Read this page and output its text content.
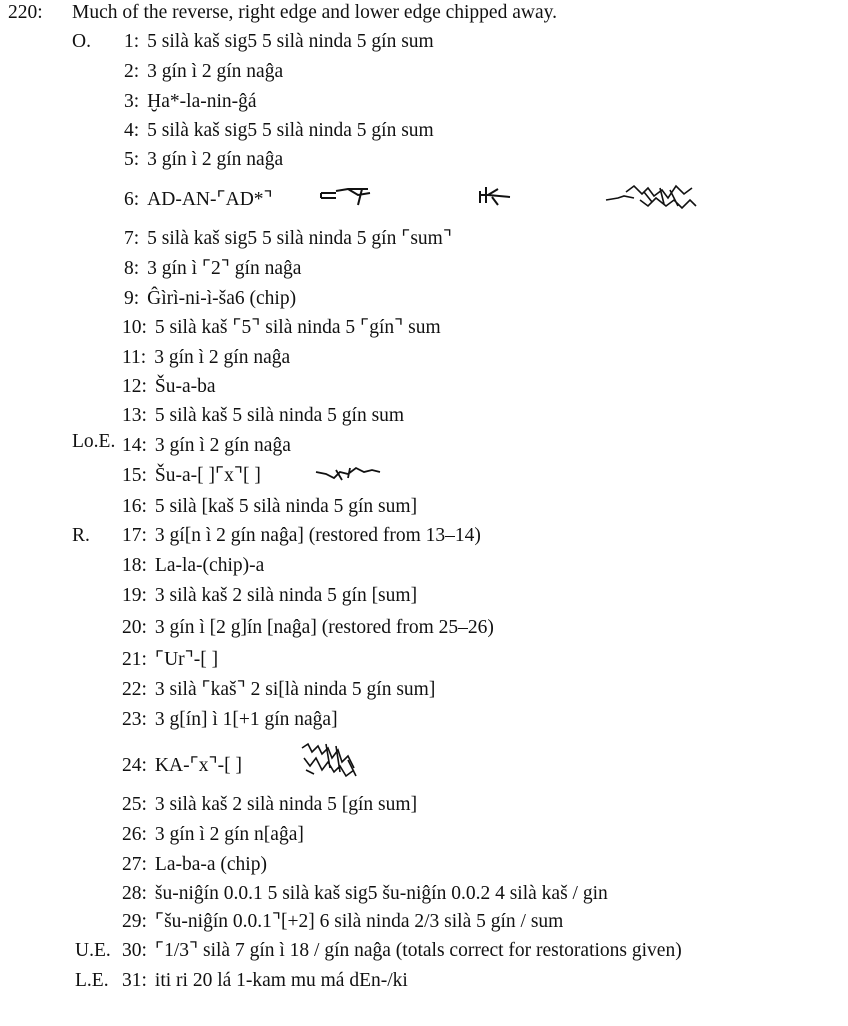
220: Much of the reverse, right edge and lower edge chipped away.
O.
Lo.E.
R.
U.E.
L.E.
1: 5 silà kaš sig5 5 silà ninda 5 gín sum
2: 3 gín ì 2 gín naĝa
3: Ḫa*-la-nin-ĝá
4: 5 silà kaš sig5 5 silà ninda 5 gín sum
5: 3 gín ì 2 gín naĝa
6: AD-AN-⌜AD*⌝
7: 5 silà kaš sig5 5 silà ninda 5 gín ⌜sum⌝
8: 3 gín ì ⌜2⌝ gín naĝa
9: Ĝìrì-ni-ì-ša6 (chip)
10: 5 silà kaš ⌜5⌝ silà ninda 5 ⌜gín⌝ sum
11: 3 gín ì 2 gín naĝa
12: Šu-a-ba
13: 5 silà kaš 5 silà ninda 5 gín sum
14: 3 gín ì 2 gín naĝa
15: Šu-a-[ ]⌜x⌝[ ]
16: 5 silà [kaš 5 silà ninda 5 gín sum]
17: 3 gí[n ì 2 gín naĝa] (restored from 13–14)
18: La-la-(chip)-a
19: 3 silà kaš 2 silà ninda 5 gín [sum]
20: 3 gín ì [2 g]ín [naĝa] (restored from 25–26)
21: ⌜Ur⌝-[ ]
22: 3 silà ⌜kaš⌝ 2 si[là ninda 5 gín sum]
23: 3 g[ín] ì 1[+1 gín naĝa]
24: KA-⌜x⌝-[ ]
25: 3 silà kaš 2 silà ninda 5 [gín sum]
26: 3 gín ì 2 gín n[aĝa]
27: La-ba-a (chip)
28: šu-niĝín 0.0.1 5 silà kaš sig5 šu-niĝín 0.0.2 4 silà kaš / gin
29: ⌜šu-niĝín 0.0.1⌝[+2] 6 silà ninda 2/3 silà 5 gín / sum
30: ⌜1/3⌝ silà 7 gín ì 18 / gín naĝa (totals correct for restorations given)
31: iti ri 20 lá 1-kam mu má dEn-/ki
